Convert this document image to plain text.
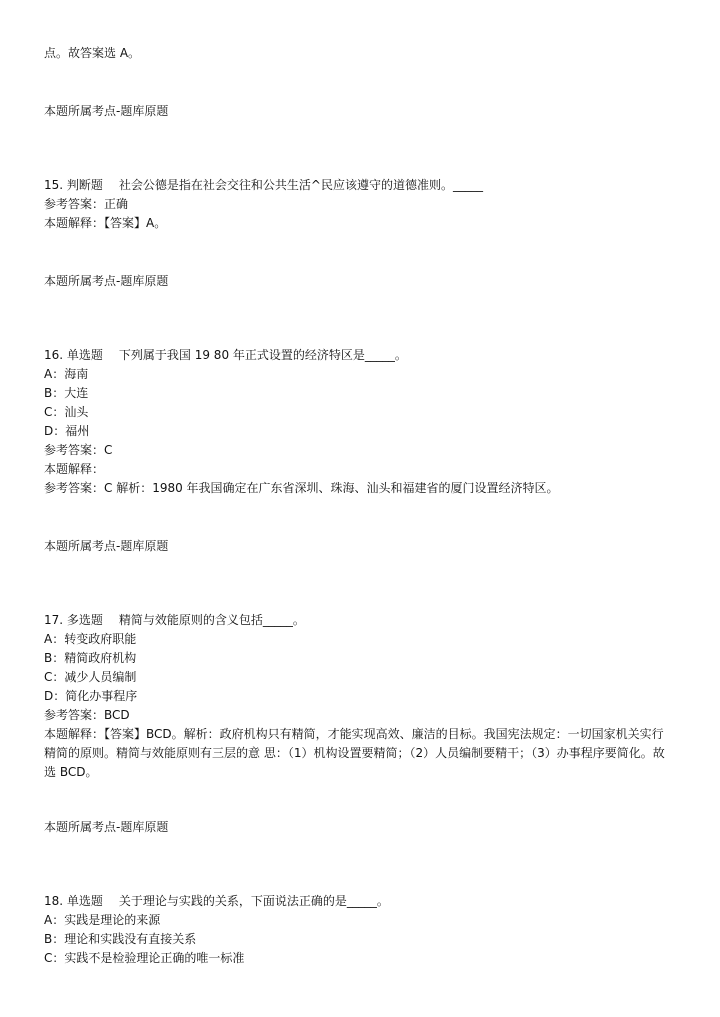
点。故答案选 A。
本题所属考点-题库原题
15. 判断题 社会公德是指在社会交往和公共生活^民应该遵守的道德准则。_____
参考答案：正确
本题解释：【答案】A。
本题所属考点-题库原题
16. 单选题 下列属于我国 19 80 年正式设置的经济特区是_____。
A：海南
B：大连
C：汕头
D：福州
参考答案：C
本题解释：
参考答案：C 解析：1980 年我国确定在广东省深圳、珠海、汕头和福建省的厦门设置经济特区。
本题所属考点-题库原题
17. 多选题 精简与效能原则的含义包括_____。
A：转变政府职能
B：精简政府机构
C：减少人员编制
D：简化办事程序
参考答案：BCD
本题解释：【答案】BCD。解析：政府机构只有精简，才能实现高效、廉洁的目标。我国宪法规定：一切国家机关实行精简的原则。精简与效能原则有三层的意 思：（1）机构设置要精简；（2）人员编制要精干；（3）办事程序要简化。故选 BCD。
本题所属考点-题库原题
18. 单选题 关于理论与实践的关系，下面说法正确的是_____。
A：实践是理论的来源
B：理论和实践没有直接关系
C：实践不是检验理论正确的唯一标准
